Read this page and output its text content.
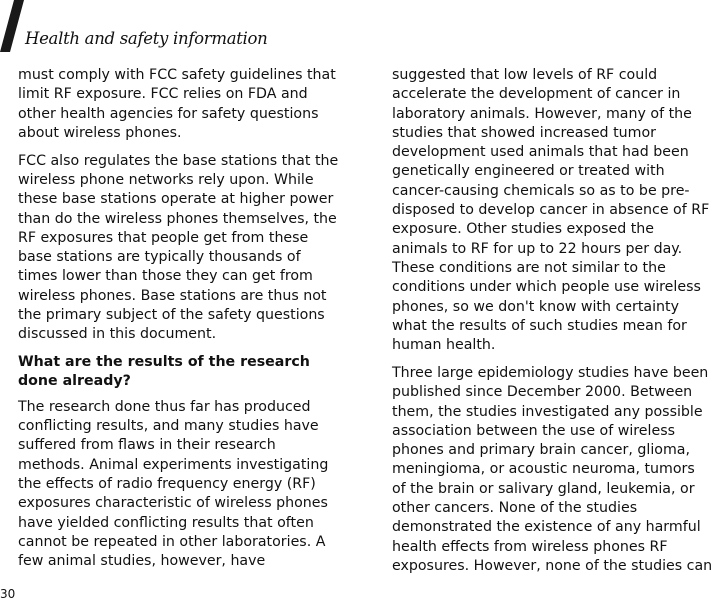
Health and safety information
must comply with FCC safety guidelines that
limit RF exposure. FCC relies on FDA and
other health agencies for safety questions
about wireless phones.
FCC also regulates the base stations that the
wireless phone networks rely upon. While
these base stations operate at higher power
than do the wireless phones themselves, the
RF exposures that people get from these
base stations are typically thousands of
times lower than those they can get from
wireless phones. Base stations are thus not
the primary subject of the safety questions
discussed in this document.
What are the results of the research
done already?
The research done thus far has produced
conflicting results, and many studies have
suffered from flaws in their research
methods. Animal experiments investigating
the effects of radio frequency energy (RF)
exposures characteristic of wireless phones
have yielded conflicting results that often
cannot be repeated in other laboratories. A
few animal studies, however, have
suggested that low levels of RF could
accelerate the development of cancer in
laboratory animals. However, many of the
studies that showed increased tumor
development used animals that had been
genetically engineered or treated with
cancer-causing chemicals so as to be pre-
disposed to develop cancer in absence of RF
exposure. Other studies exposed the
animals to RF for up to 22 hours per day.
These conditions are not similar to the
conditions under which people use wireless
phones, so we don't know with certainty
what the results of such studies mean for
human health.
Three large epidemiology studies have been
published since December 2000. Between
them, the studies investigated any possible
association between the use of wireless
phones and primary brain cancer, glioma,
meningioma, or acoustic neuroma, tumors
of the brain or salivary gland, leukemia, or
other cancers. None of the studies
demonstrated the existence of any harmful
health effects from wireless phones RF
exposures. However, none of the studies can
30
